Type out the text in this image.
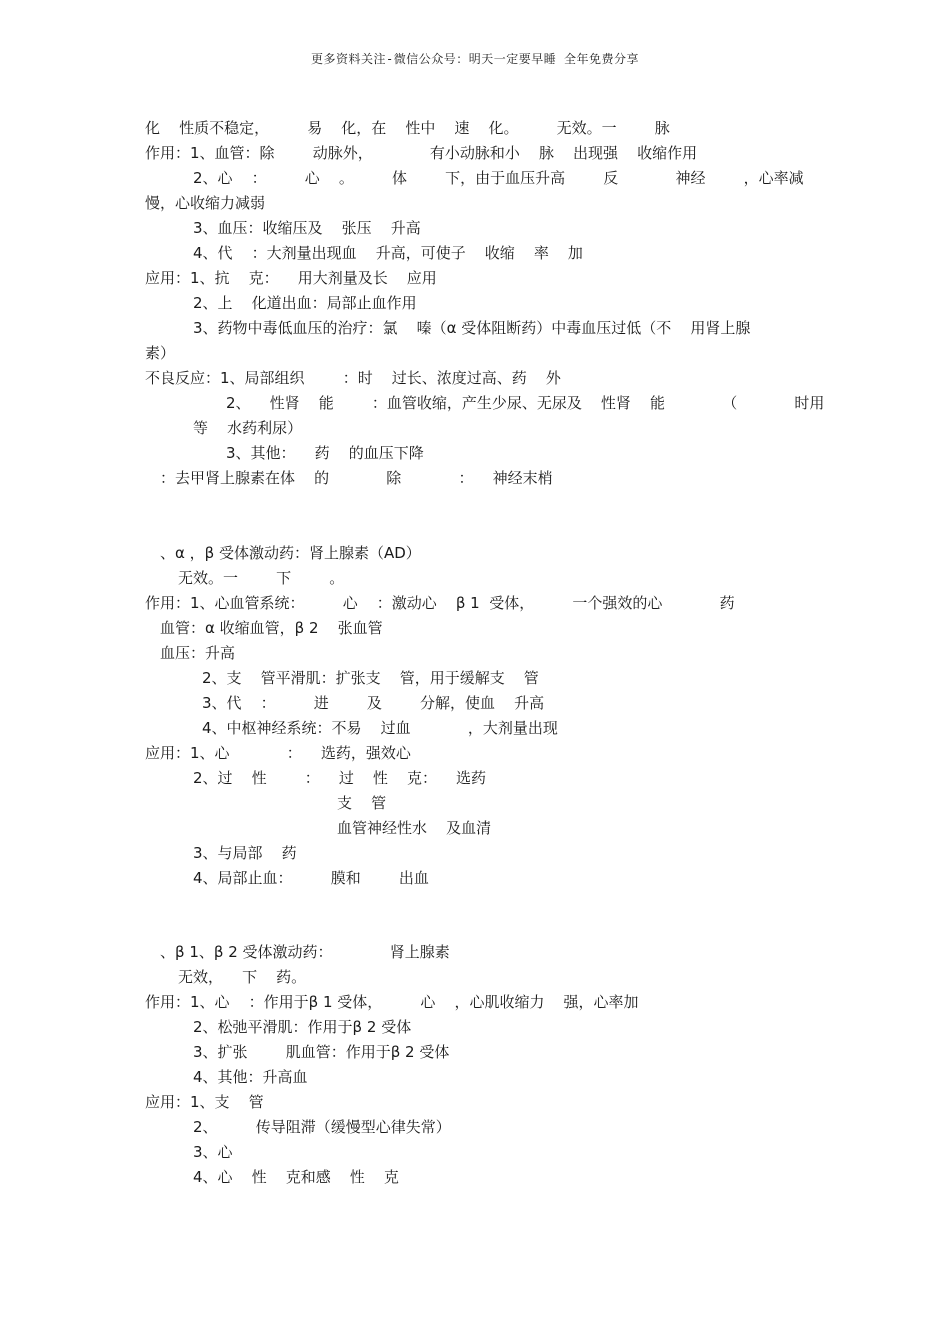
更多资料关注-微信公众号：明天一定要早睡 全年免费分享
化    性质不稳定，        易    化，在    性中    速    化。        无效。一        脉
作用：1、血管：除        动脉外，            有小动脉和小    脉    出现强    收缩作用
2、心    ：        心    。        体        下，由于血压升高        反            神经        ，心率减
慢，心收缩力减弱
3、血压：收缩压及    张压    升高
4、代    ：大剂量出现血    升高，可使子    收缩    率    加
应用：1、抗    克：    用大剂量及长    应用
2、上    化道出血：局部止血作用
3、药物中毒低血压的治疗：氯    嗪（α 受体阻断药）中毒血压过低（不    用肾上腺
素）
不良反应：1、局部组织        ：时    过长、浓度过高、药    外
2、    性肾    能        ：血管收缩，产生少尿、无尿及    性肾    能            （            时用
等    水药利尿）
3、其他：    药    的血压下降
：去甲肾上腺素在体    的            除            ：    神经末梢
、α ，β 受体激动药：肾上腺素（AD）
无效。一        下        。
作用：1、心血管系统：        心    ：激动心    β 1  受体，        一个强效的心            药
血管：α 收缩血管，β 2    张血管
血压：升高
2、支    管平滑肌：扩张支    管，用于缓解支    管
3、代    ：        进        及        分解，使血    升高
4、中枢神经系统：不易    过血            ，大剂量出现
应用：1、心            ：    选药，强效心
2、过    性        ：    过    性    克：    选药
支    管
血管神经性水    及血清
3、与局部    药
4、局部止血：        膜和        出血
、β 1、β 2 受体激动药：            肾上腺素
无效，    下    药。
作用：1、心    ：作用于β 1 受体，        心    ，心肌收缩力    强，心率加
2、松弛平滑肌：作用于β 2 受体
3、扩张        肌血管：作用于β 2 受体
4、其他：升高血
应用：1、支    管
2、        传导阻滞（缓慢型心律失常）
3、心
4、心    性    克和感    性    克
